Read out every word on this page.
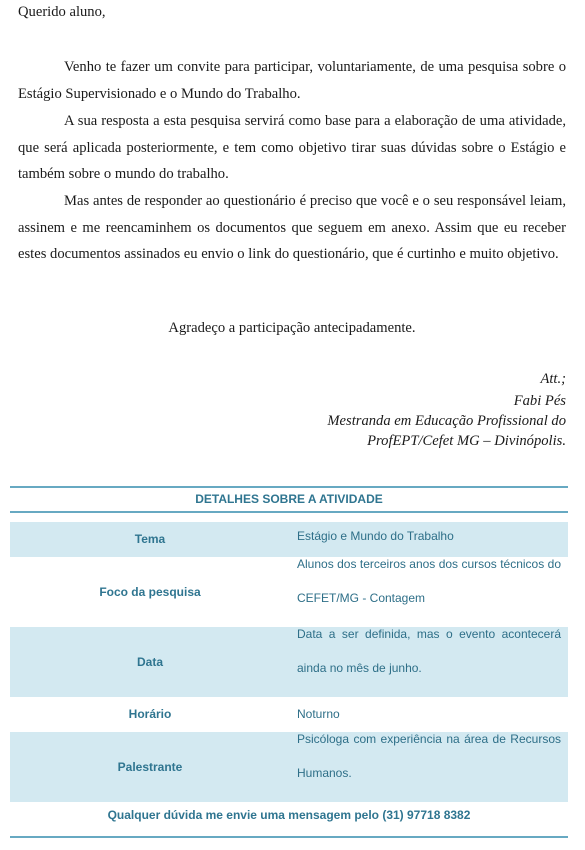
Querido aluno,

Venho te fazer um convite para participar, voluntariamente, de uma pesquisa sobre o Estágio Supervisionado e o Mundo do Trabalho.

A sua resposta a esta pesquisa servirá como base para a elaboração de uma atividade, que será aplicada posteriormente, e tem como objetivo tirar suas dúvidas sobre o Estágio e também sobre o mundo do trabalho.

Mas antes de responder ao questionário é preciso que você e o seu responsável leiam, assinem e me reencaminhem os documentos que seguem em anexo. Assim que eu receber estes documentos assinados eu envio o link do questionário, que é curtinho e muito objetivo.

Agradeço a participação antecipadamente.
Att.;
Fabi Pés
Mestranda em Educação Profissional do
ProfEPT/Cefet MG – Divinópolis.
DETALHES SOBRE A ATIVIDADE
Tema	Estágio e Mundo do Trabalho
Foco da pesquisa
Alunos dos terceiros anos dos cursos técnicos do CEFET/MG - Contagem
Data
Data a ser definida, mas o evento acontecerá ainda no mês de junho.
Horário	Noturno
Palestrante
Psicóloga com experiência na área de Recursos Humanos.
Qualquer dúvida me envie uma mensagem pelo (31) 97718 8382
